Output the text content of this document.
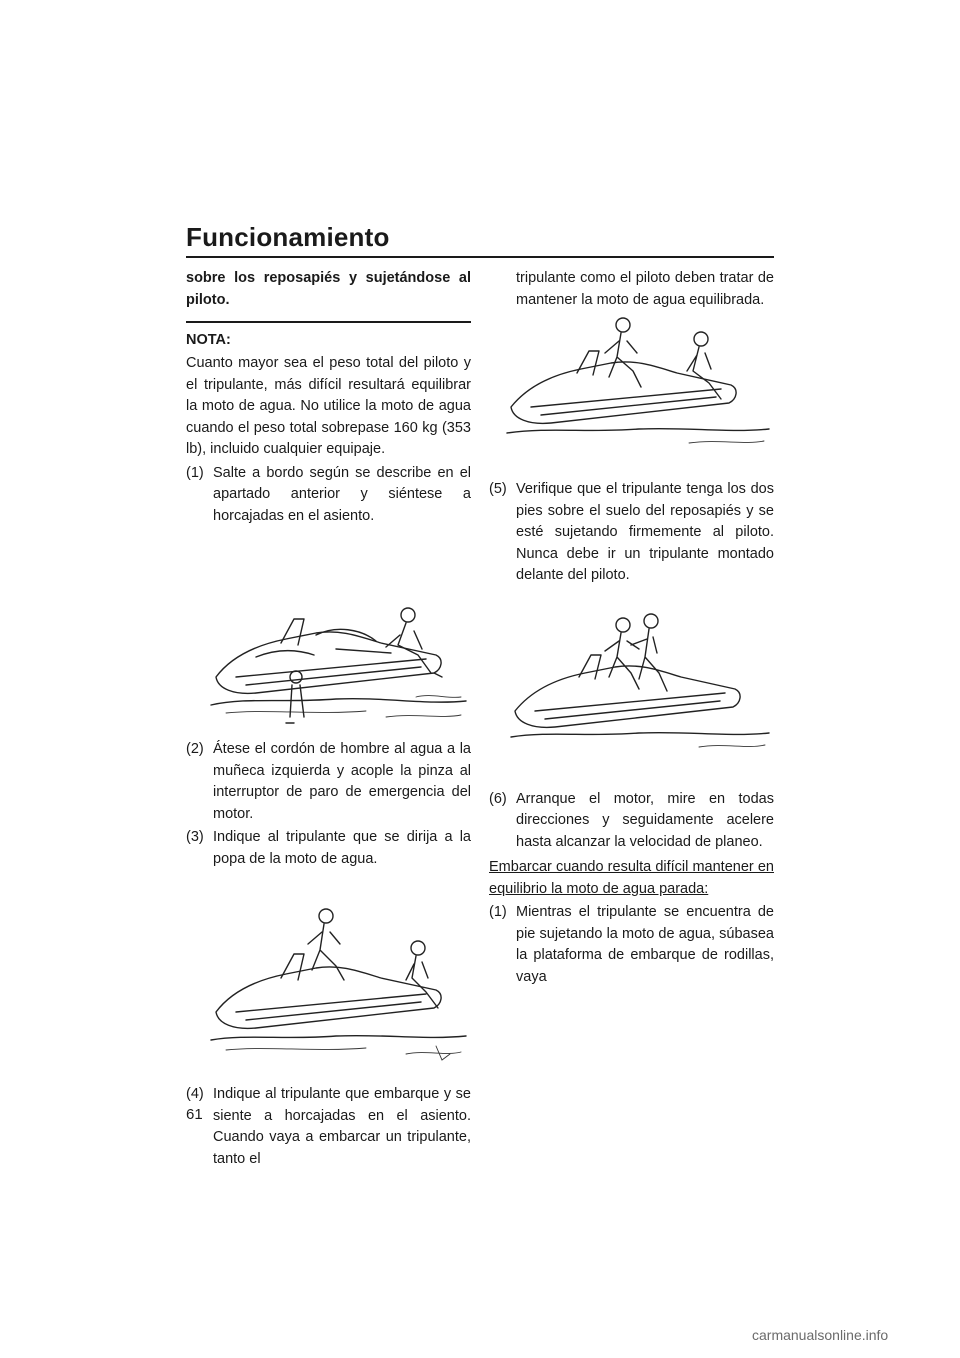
Funcionamiento

sobre los reposapiés y sujetándose al piloto.

NOTA:

Cuanto mayor sea el peso total del piloto y el tripulante, más difícil resultará equilibrar la moto de agua. No utilice la moto de agua cuando el peso total sobrepase 160 kg (353 lb), incluido cualquier equipaje.

(1) Salte a bordo según se describe en el apartado anterior y siéntese a horcajadas en el asiento.
(2) Átese el cordón de hombre al agua a la muñeca izquierda y acople la pinza al interruptor de paro de emergencia del motor.
(3) Indique al tripulante que se dirija a la popa de la moto de agua.
(4) Indique al tripulante que embarque y se siente a horcajadas en el asiento. Cuando vaya a embarcar un tripulante, tanto el

tripulante como el piloto deben tratar de mantener la moto de agua equilibrada.

(5) Verifique que el tripulante tenga los dos pies sobre el suelo del reposapiés y se esté sujetando firmemente al piloto. Nunca debe ir un tripulante montado delante del piloto.
(6) Arranque el motor, mire en todas direcciones y seguidamente acelere hasta alcanzar la velocidad de planeo.

Embarcar cuando resulta difícil mantener en equilibrio la moto de agua parada:

(1) Mientras el tripulante se encuentra de pie sujetando la moto de agua, súbasea la plataforma de embarque de rodillas, vaya
61
carmanualsonline.info
